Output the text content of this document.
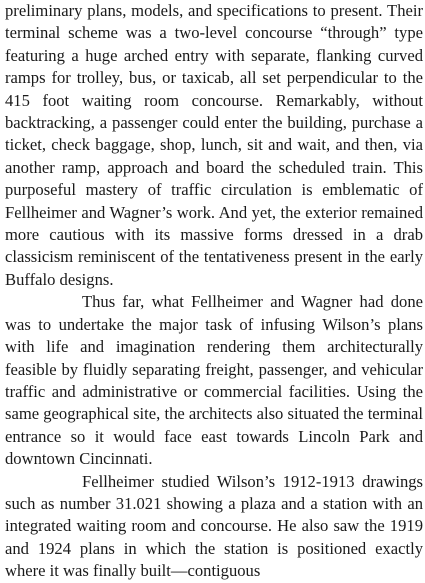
preliminary plans, models, and specifications to present. Their terminal scheme was a two-level concourse “through” type featuring a huge arched entry with separate, flanking curved ramps for trolley, bus, or taxicab, all set perpendicular to the 415 foot waiting room concourse. Remarkably, without backtracking, a passenger could enter the building, purchase a ticket, check baggage, shop, lunch, sit and wait, and then, via another ramp, approach and board the scheduled train. This purposeful mastery of traffic circulation is emblematic of Fellheimer and Wagner’s work. And yet, the exterior remained more cautious with its massive forms dressed in a drab classicism reminiscent of the tentativeness present in the early Buffalo designs.

Thus far, what Fellheimer and Wagner had done was to undertake the major task of infusing Wilson’s plans with life and imagination rendering them architecturally feasible by fluidly separating freight, passenger, and vehicular traffic and administrative or commercial facilities. Using the same geographical site, the architects also situated the terminal entrance so it would face east towards Lincoln Park and downtown Cincinnati.

Fellheimer studied Wilson’s 1912-1913 drawings such as number 31.021 showing a plaza and a station with an integrated waiting room and concourse. He also saw the 1919 and 1924 plans in which the station is positioned exactly where it was finally built—contiguous
